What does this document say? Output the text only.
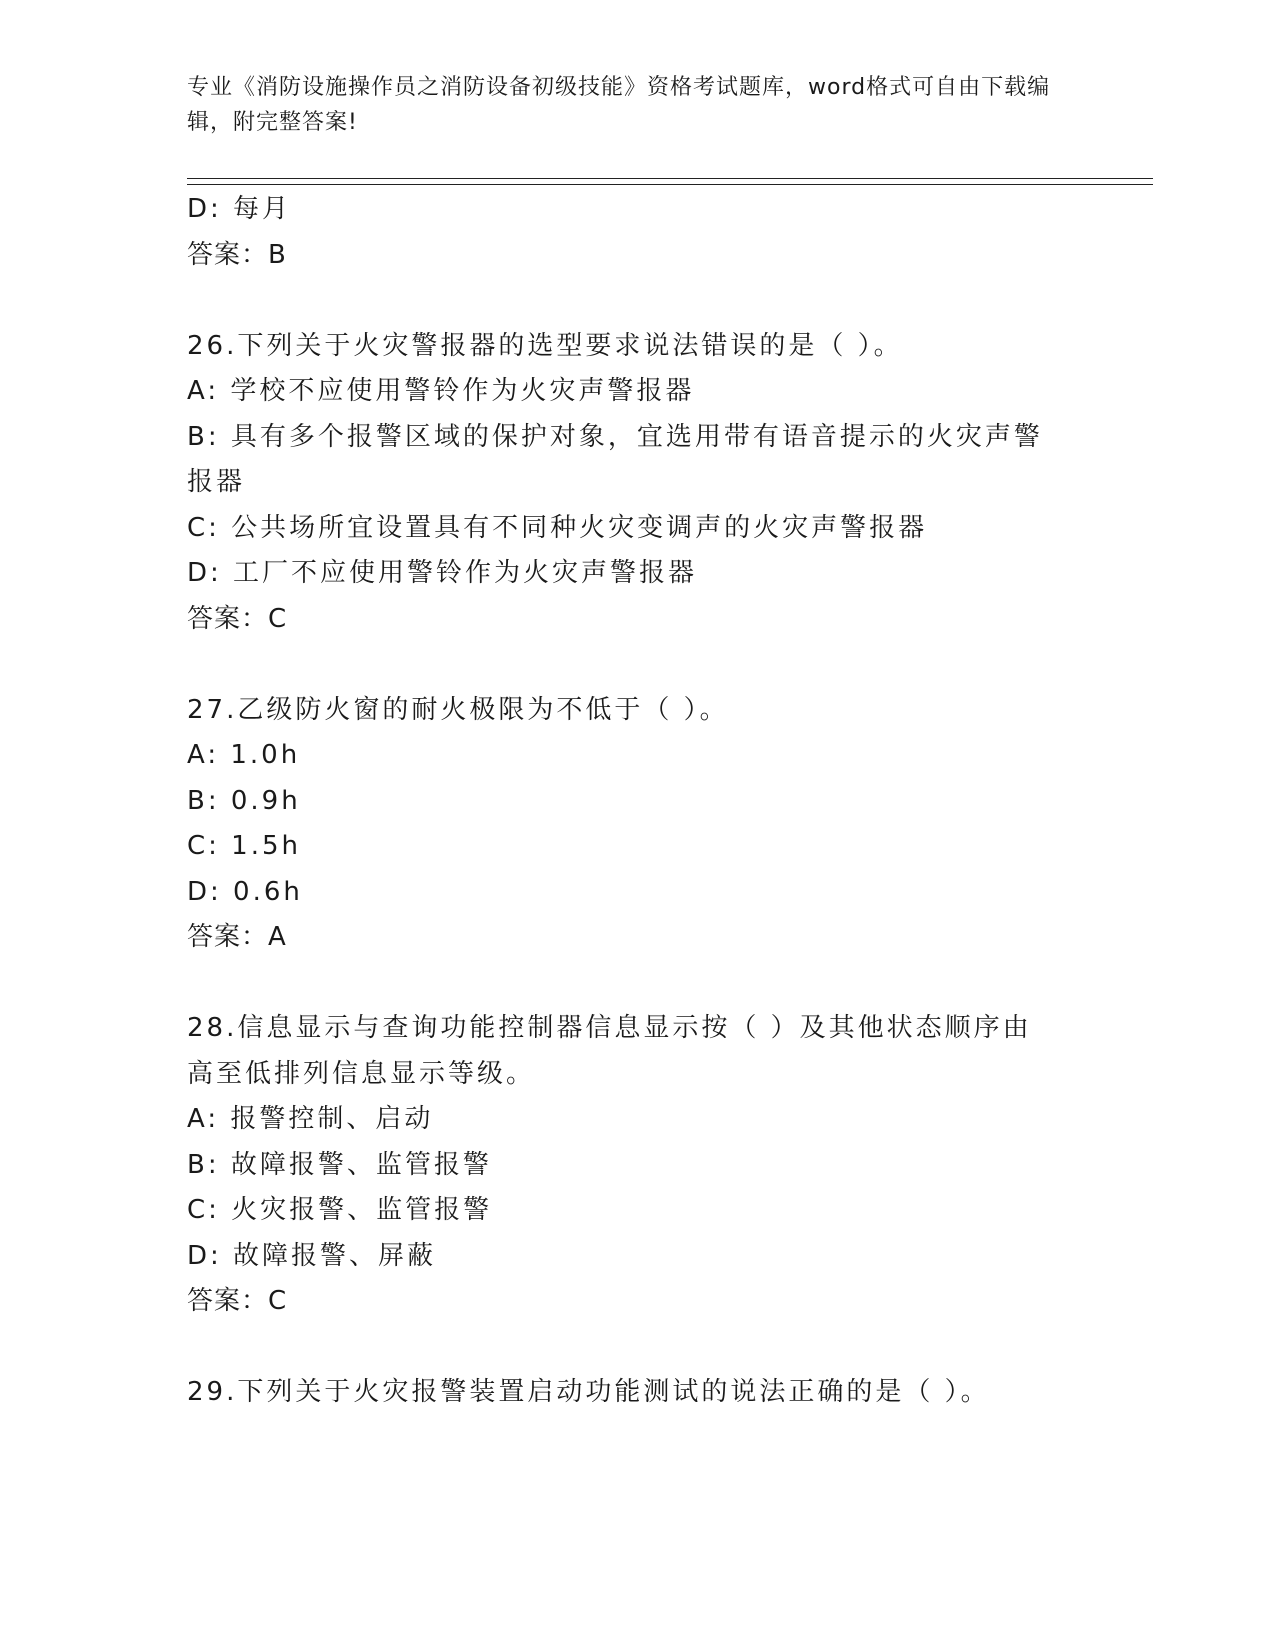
专业《消防设施操作员之消防设备初级技能》资格考试题库，word格式可自由下载编辑，附完整答案!
D: 每月
答案：B
26.下列关于火灾警报器的选型要求说法错误的是（ ）。
A: 学校不应使用警铃作为火灾声警报器
B: 具有多个报警区域的保护对象，宜选用带有语音提示的火灾声警报器
C: 公共场所宜设置具有不同种火灾变调声的火灾声警报器
D: 工厂不应使用警铃作为火灾声警报器
答案：C
27.乙级防火窗的耐火极限为不低于（ ）。
A: 1.0h
B: 0.9h
C: 1.5h
D: 0.6h
答案：A
28.信息显示与查询功能控制器信息显示按（ ）及其他状态顺序由高至低排列信息显示等级。
A: 报警控制、启动
B: 故障报警、监管报警
C: 火灾报警、监管报警
D: 故障报警、屏蔽
答案：C
29.下列关于火灾报警装置启动功能测试的说法正确的是（ ）。
